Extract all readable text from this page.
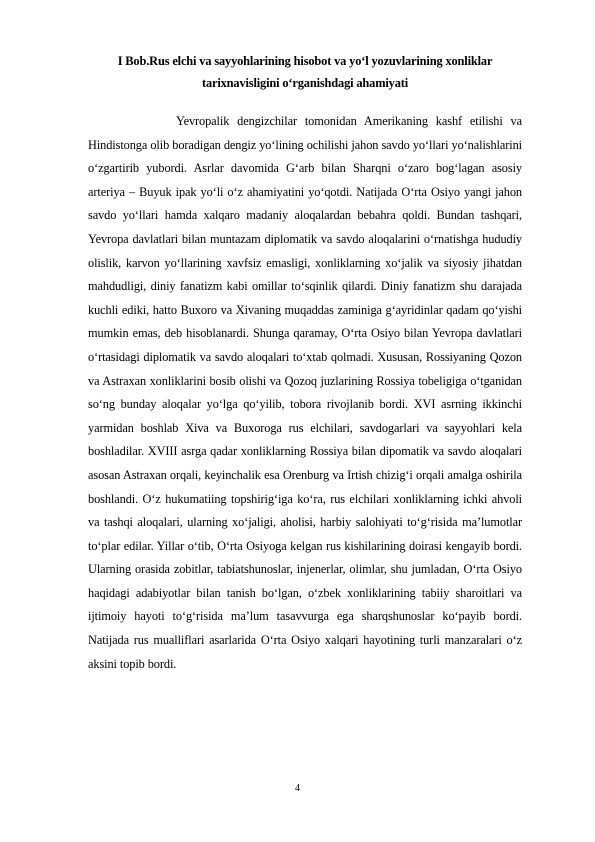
I Bob.Rus elchi va sayyohlarining hisobot va yo‘l yozuvlarining xonliklar tarixnavisligini o‘rganishdagi ahamiyati

Yevropalik dengizchilar tomonidan Amerikaning kashf etilishi va Hindistonga olib boradigan dengiz yo‘lining ochilishi jahon savdo yo‘llari yo‘nalishlarini o‘zgartirib yubordi. Asrlar davomida G‘arb bilan Sharqni o‘zaro bog‘lagan asosiy arteriya – Buyuk ipak yo‘li o‘z ahamiyatini yo‘qotdi. Natijada O‘rta Osiyo yangi jahon savdo yo‘llari hamda xalqaro madaniy aloqalardan bebahra qoldi. Bundan tashqari, Yevropa davlatlari bilan muntazam diplomatik va savdo aloqalarini o‘rnatishga hududiy olislik, karvon yo‘llarining xavfsiz emasligi, xonliklarning xo‘jalik va siyosiy jihatdan mahdudligi, diniy fanatizm kabi omillar to‘sqinlik qilardi. Diniy fanatizm shu darajada kuchli ediki, hatto Buxoro va Xivaning muqaddas zaminiga g‘ayridinlar qadam qo‘yishi mumkin emas, deb hisoblanardi. Shunga qaramay, O‘rta Osiyo bilan Yevropa davlatlari o‘rtasidagi diplomatik va savdo aloqalari to‘xtab qolmadi. Xususan, Rossiyaning Qozon va Astraxan xonliklarini bosib olishi va Qozoq juzlarining Rossiya tobeligiga o‘tganidan so‘ng bunday aloqalar yo‘lga qo‘yilib, tobora rivojlanib bordi. XVI asrning ikkinchi yarmidan boshlab Xiva va Buxoroga rus elchilari, savdogarlari va sayyohlari kela boshladilar. XVIII asrga qadar xonliklarning Rossiya bilan dipomatik va savdo aloqalari asosan Astraxan orqali, keyinchalik esa Orenburg va Irtish chizig‘i orqali amalga oshirila boshlandi. O‘z hukumatiing topshirig‘iga ko‘ra, rus elchilari xonliklarning ichki ahvoli va tashqi aloqalari, ularning xo‘jaligi, aholisi, harbiy salohiyati to‘g‘risida ma’lumotlar to‘plar edilar. Yillar o‘tib, O‘rta Osiyoga kelgan rus kishilarining doirasi kengayib bordi. Ularning orasida zobitlar, tabiatshunoslar, injenerlar, olimlar, shu jumladan, O‘rta Osiyo haqidagi adabiyotlar bilan tanish bo‘lgan, o‘zbek xonliklarining tabiiy sharoitlari va ijtimoiy hayoti to‘g‘risida ma’lum tasavvurga ega sharqshunoslar ko‘payib bordi. Natijada rus mualliflari asarlarida O‘rta Osiyo xalqari hayotining turli manzaralari o‘z aksini topib bordi.

4
